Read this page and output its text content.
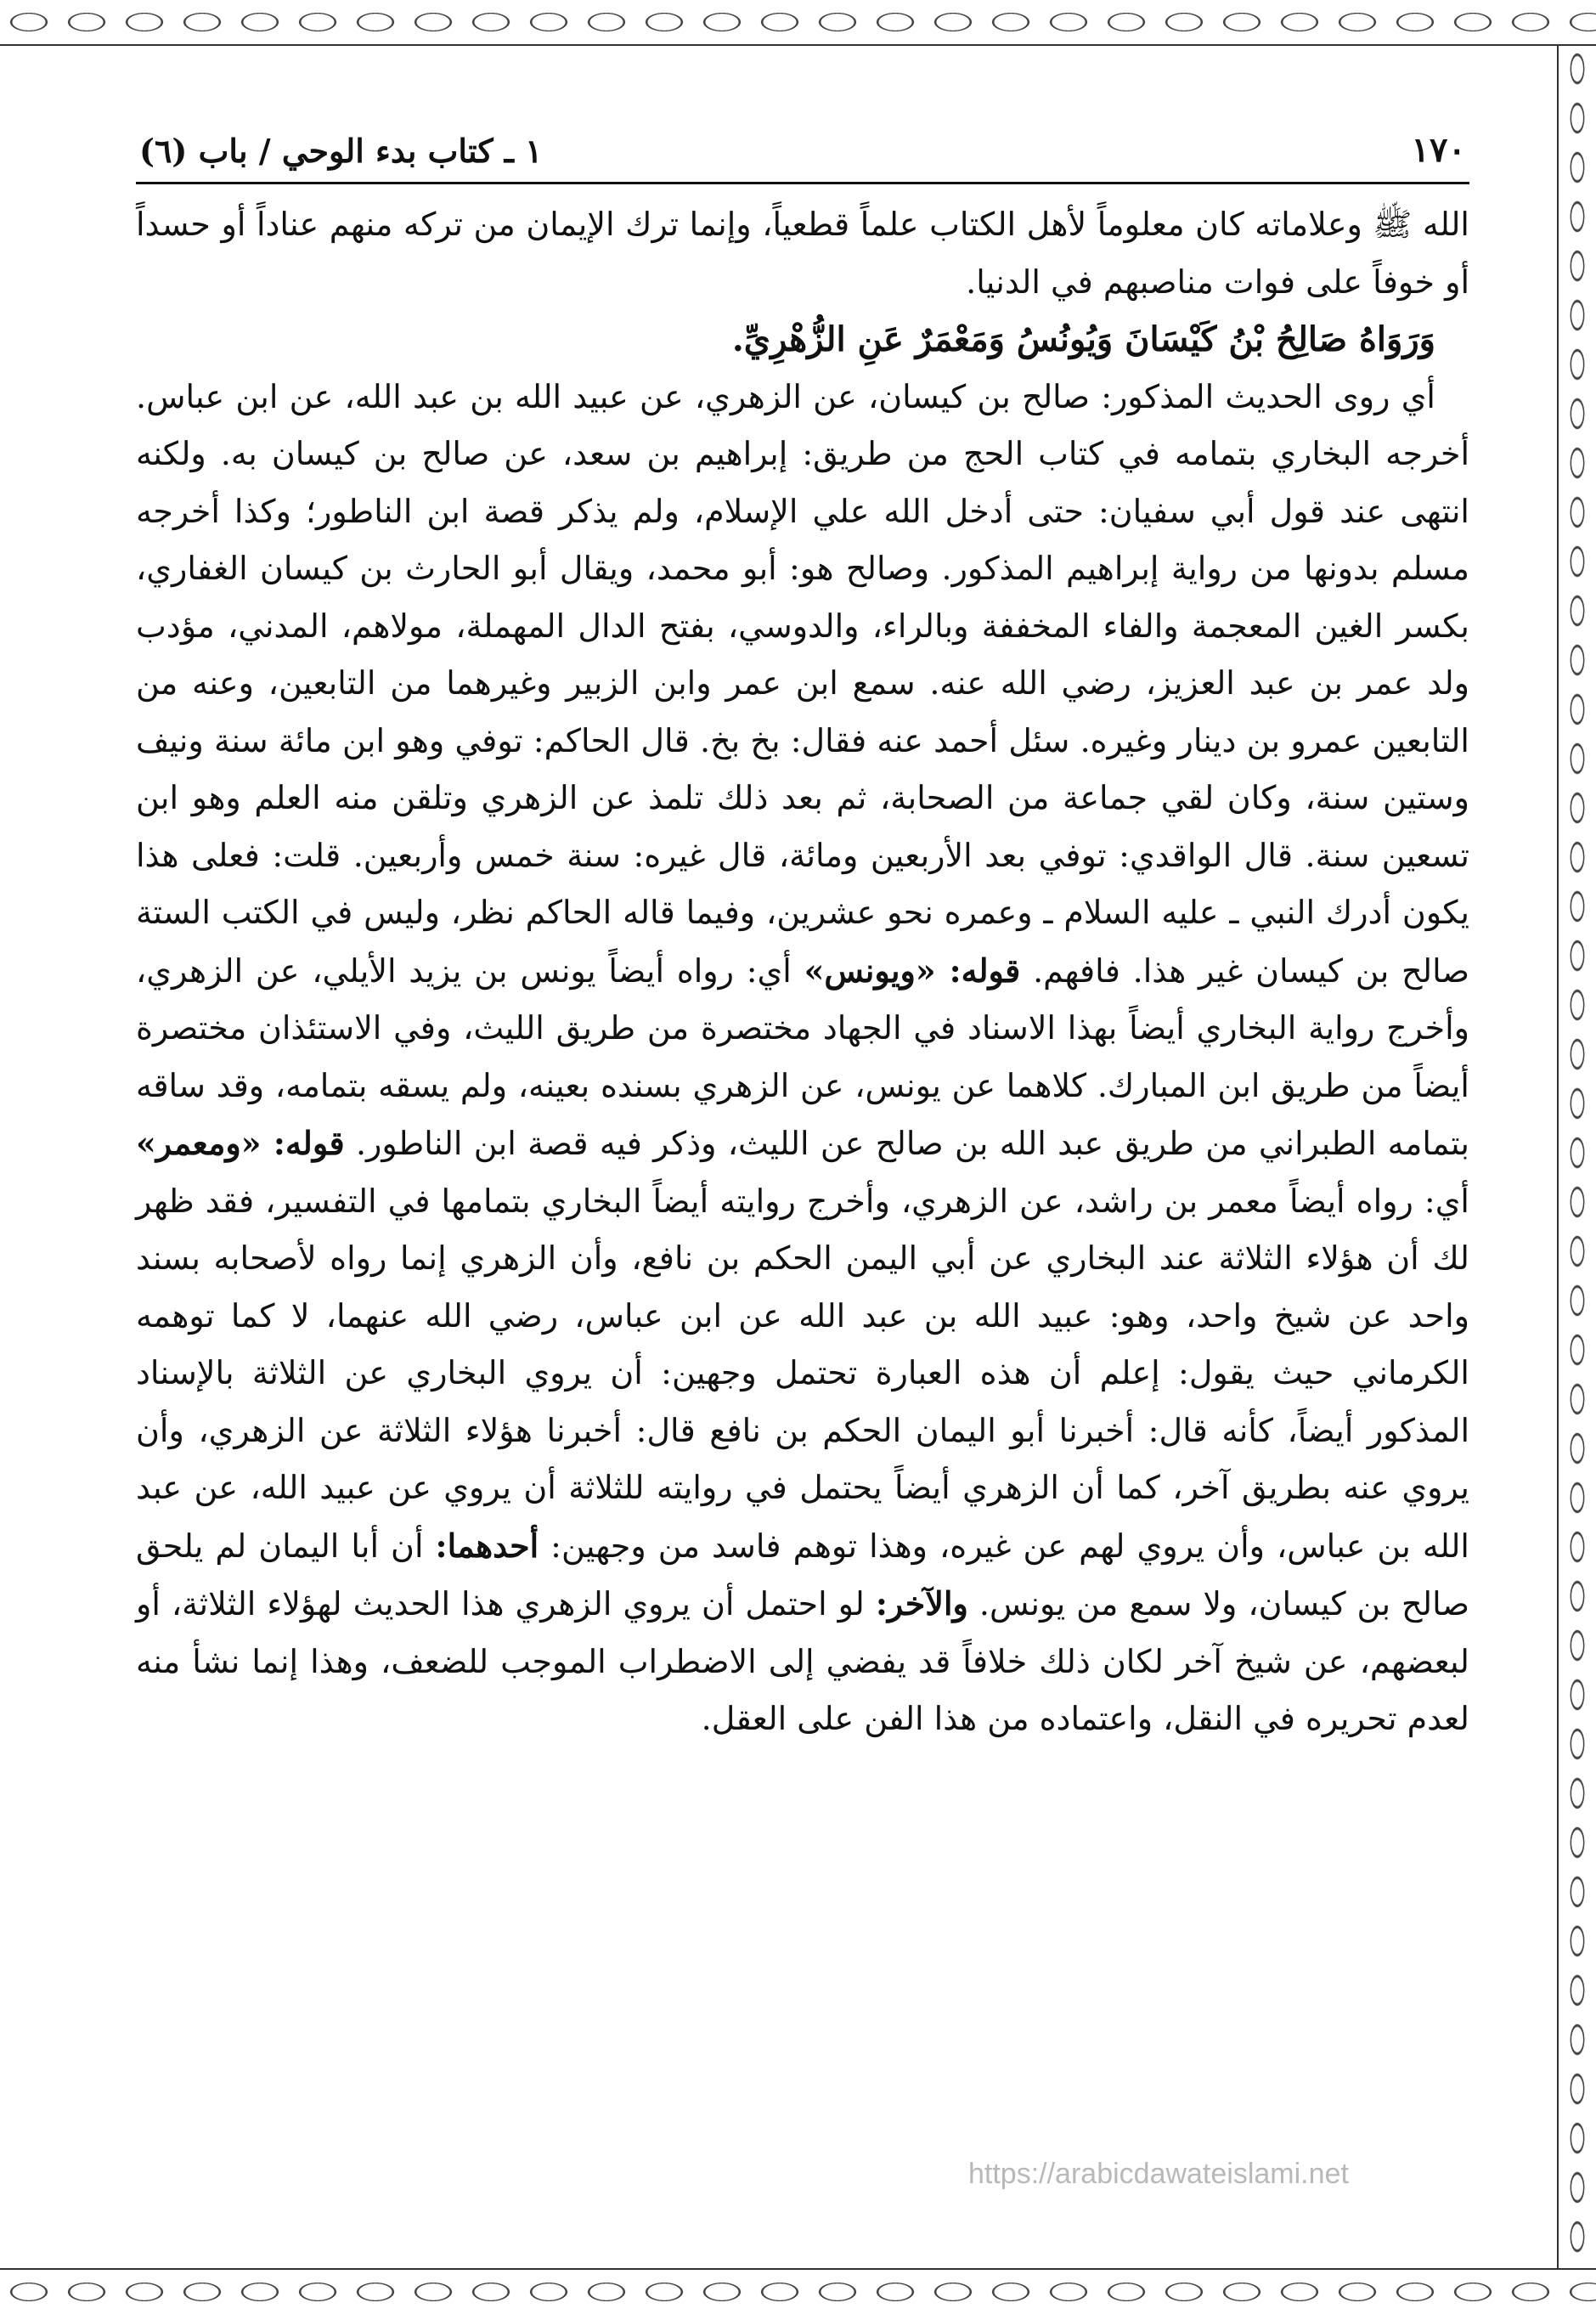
١٧٠
١ ـ كتاب بدء الوحي / باب (٦)

الله ﷺ وعلاماته كان معلوماً لأهل الكتاب علماً قطعياً، وإنما ترك الإيمان من تركه منهم عناداً أو حسداً أو خوفاً على فوات مناصبهم في الدنيا.

وَرَوَاهُ صَالِحُ بْنُ كَيْسَانَ وَيُونُسُ وَمَعْمَرٌ عَنِ الزُّهْرِيِّ.

أي روى الحديث المذكور: صالح بن كيسان، عن الزهري، عن عبيد الله بن عبد الله، عن ابن عباس. أخرجه البخاري بتمامه في كتاب الحج من طريق: إبراهيم بن سعد، عن صالح بن كيسان به. ولكنه انتهى عند قول أبي سفيان: حتى أدخل الله علي الإسلام، ولم يذكر قصة ابن الناطور؛ وكذا أخرجه مسلم بدونها من رواية إبراهيم المذكور. وصالح هو: أبو محمد، ويقال أبو الحارث بن كيسان الغفاري، بكسر الغين المعجمة والفاء المخففة وبالراء، والدوسي، بفتح الدال المهملة، مولاهم، المدني، مؤدب ولد عمر بن عبد العزيز، رضي الله عنه. سمع ابن عمر وابن الزبير وغيرهما من التابعين، وعنه من التابعين عمرو بن دينار وغيره. سئل أحمد عنه فقال: بخ بخ. قال الحاكم: توفي وهو ابن مائة سنة ونيف وستين سنة، وكان لقي جماعة من الصحابة، ثم بعد ذلك تلمذ عن الزهري وتلقن منه العلم وهو ابن تسعين سنة. قال الواقدي: توفي بعد الأربعين ومائة، قال غيره: سنة خمس وأربعين. قلت: فعلى هذا يكون أدرك النبي ـ عليه السلام ـ وعمره نحو عشرين، وفيما قاله الحاكم نظر، وليس في الكتب الستة صالح بن كيسان غير هذا. فافهم. قوله: «ويونس» أي: رواه أيضاً يونس بن يزيد الأيلي، عن الزهري، وأخرج رواية البخاري أيضاً بهذا الاسناد في الجهاد مختصرة من طريق الليث، وفي الاستئذان مختصرة أيضاً من طريق ابن المبارك. كلاهما عن يونس، عن الزهري بسنده بعينه، ولم يسقه بتمامه، وقد ساقه بتمامه الطبراني من طريق عبد الله بن صالح عن الليث، وذكر فيه قصة ابن الناطور. قوله: «ومعمر» أي: رواه أيضاً معمر بن راشد، عن الزهري، وأخرج روايته أيضاً البخاري بتمامها في التفسير، فقد ظهر لك أن هؤلاء الثلاثة عند البخاري عن أبي اليمن الحكم بن نافع، وأن الزهري إنما رواه لأصحابه بسند واحد عن شيخ واحد، وهو: عبيد الله بن عبد الله عن ابن عباس، رضي الله عنهما، لا كما توهمه الكرماني حيث يقول: إعلم أن هذه العبارة تحتمل وجهين: أن يروي البخاري عن الثلاثة بالإسناد المذكور أيضاً، كأنه قال: أخبرنا أبو اليمان الحكم بن نافع قال: أخبرنا هؤلاء الثلاثة عن الزهري، وأن يروي عنه بطريق آخر، كما أن الزهري أيضاً يحتمل في روايته للثلاثة أن يروي عن عبيد الله، عن عبد الله بن عباس، وأن يروي لهم عن غيره، وهذا توهم فاسد من وجهين: أحدهما: أن أبا اليمان لم يلحق صالح بن كيسان، ولا سمع من يونس. والآخر: لو احتمل أن يروي الزهري هذا الحديث لهؤلاء الثلاثة، أو لبعضهم، عن شيخ آخر لكان ذلك خلافاً قد يفضي إلى الاضطراب الموجب للضعف، وهذا إنما نشأ منه لعدم تحريره في النقل، واعتماده من هذا الفن على العقل.

https://arabicdawateislami.net
